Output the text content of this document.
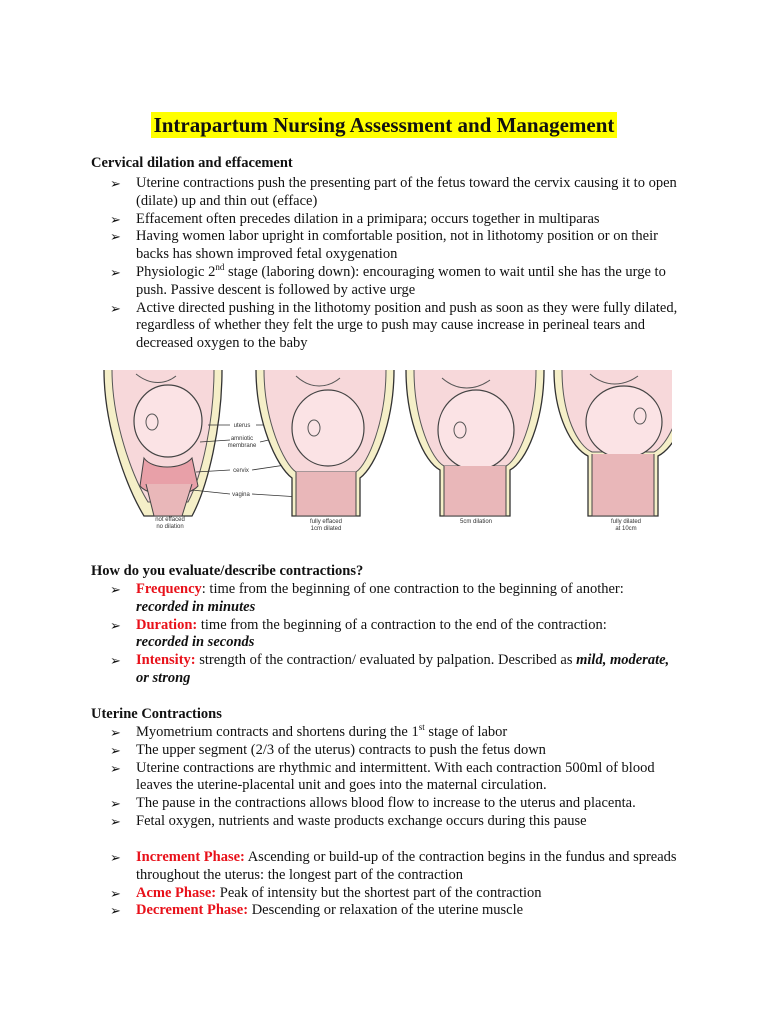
Intrapartum Nursing Assessment and Management
Cervical dilation and effacement
➢ Uterine contractions push the presenting part of the fetus toward the cervix causing it to open (dilate) up and thin out (efface)
➢ Effacement often precedes dilation in a primipara; occurs together in multiparas
➢ Having women labor upright in comfortable position, not in lithotomy position or on their backs has shown improved fetal oxygenation
➢ Physiologic 2nd stage (laboring down): encouraging women to wait until she has the urge to push. Passive descent is followed by active urge
➢ Active directed pushing in the lithotomy position and push as soon as they were fully dilated, regardless of whether they felt the urge to push may cause increase in perineal tears and decreased oxygen to the baby
uterus
amniotic
membrane
cervix
vagina
not effaced
no dilation
fully effaced
1cm dilated
5cm dilation	fully dilated
at 10cm
How do you evaluate/describe contractions?
➢ Frequency: time from the beginning of one contraction to the beginning of another:
recorded in minutes
➢ Duration: time from the beginning of a contraction to the end of the contraction:
recorded in seconds
➢ Intensity: strength of the contraction/ evaluated by palpation. Described as mild, moderate, or strong
Uterine Contractions
➢ Myometrium contracts and shortens during the 1st stage of labor
➢ The upper segment (2/3 of the uterus) contracts to push the fetus down
➢ Uterine contractions are rhythmic and intermittent. With each contraction 500ml of blood leaves the uterine-placental unit and goes into the maternal circulation.
➢ The pause in the contractions allows blood flow to increase to the uterus and placenta.
➢ Fetal oxygen, nutrients and waste products exchange occurs during this pause
➢ Increment Phase: Ascending or build-up of the contraction begins in the fundus and spreads throughout the uterus: the longest part of the contraction
➢ Acme Phase: Peak of intensity but the shortest part of the contraction
➢ Decrement Phase: Descending or relaxation of the uterine muscle
